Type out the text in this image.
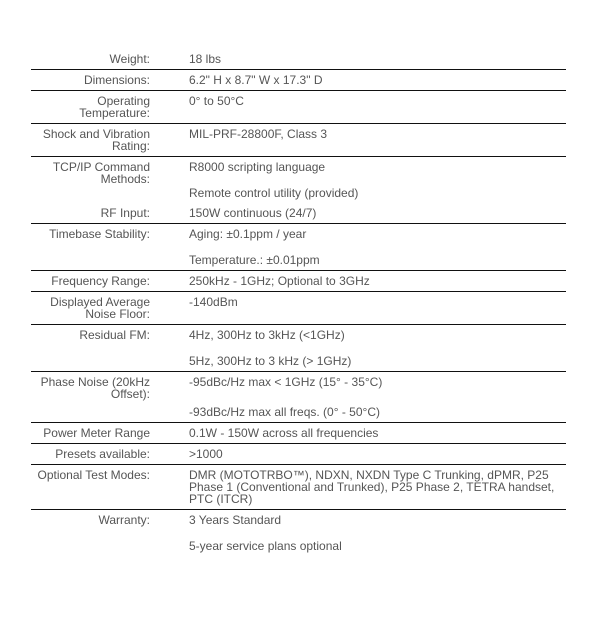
Weight:	18 lbs
Dimensions:	6.2" H x 8.7" W x 17.3" D
Operating Temperature:
0° to 50°C
Shock and Vibration Rating:
MIL-PRF-28800F, Class 3
TCP/IP Command Methods:
R8000 scripting language
Remote control utility (provided)
RF Input:	150W continuous (24/7)
Timebase Stability:	Aging: ±0.1ppm / year
Temperature.: ±0.01ppm
Frequency Range:	250kHz - 1GHz; Optional to 3GHz
Displayed Average Noise Floor:
-140dBm
Residual FM:	4Hz, 300Hz to 3kHz (<1GHz)
5Hz, 300Hz to 3 kHz (> 1GHz)
Phase Noise (20kHz Offset):
-95dBc/Hz max < 1GHz (15° - 35°C)
-93dBc/Hz max all freqs. (0° - 50°C)
Power Meter Range	0.1W - 150W across all frequencies
Presets available:	>1000
Optional Test Modes:	DMR (MOTOTRBO™), NDXN, NXDN Type C Trunking, dPMR, P25 Phase 1 (Conventional and Trunked), P25 Phase 2, TETRA handset, PTC (ITCR)
Warranty:	3 Years Standard
5-year service plans optional
